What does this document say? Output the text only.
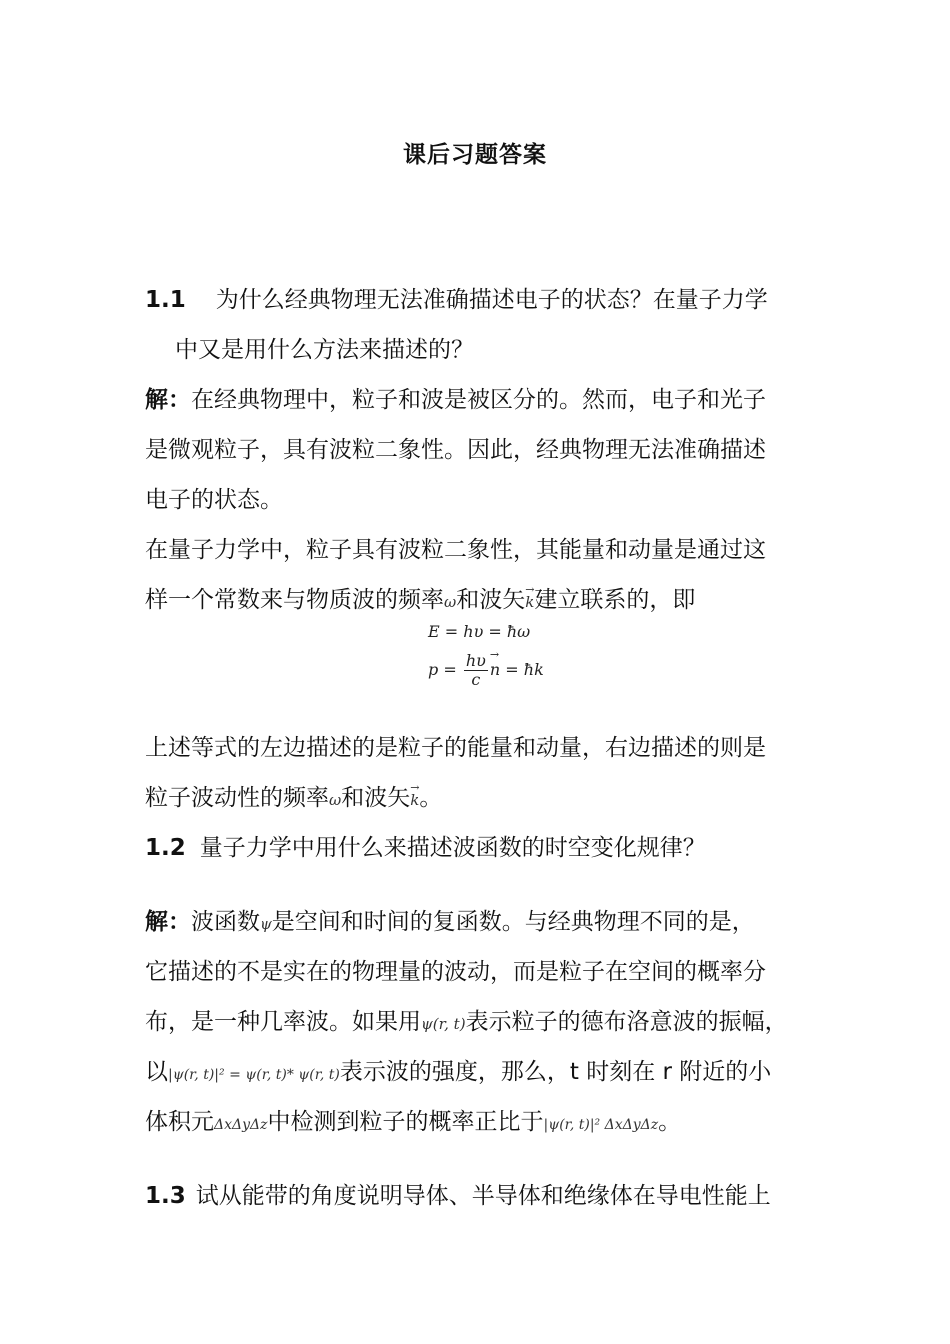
课后习题答案
1.1 为什么经典物理无法准确描述电子的状态？在量子力学
中又是用什么方法来描述的？
解：在经典物理中，粒子和波是被区分的。然而，电子和光子
是微观粒子，具有波粒二象性。因此，经典物理无法准确描述
电子的状态。
在量子力学中，粒子具有波粒二象性，其能量和动量是通过这
样一个常数来与物质波的频率ω和波矢→ k建立联系的，即
E = hυ = ħω
$p = \frac{h\upsilon}{c}$
→ n = ħk
上述等式的左边描述的是粒子的能量和动量，右边描述的则是
粒子波动性的频率ω和波矢→ k。
1.2 量子力学中用什么来描述波函数的时空变化规律？
解：波函数ψ是空间和时间的复函数。与经典物理不同的是，
它描述的不是实在的物理量的波动，而是粒子在空间的概率分
布，是一种几率波。如果用ψ(r, t)表示粒子的德布洛意波的振幅，
以|ψ(r, t)|² = ψ(r, t)* ψ(r, t)表示波的强度，那么，t 时刻在 r 附近的小
体积元ΔxΔyΔz中检测到粒子的概率正比于|ψ(r, t)|² ΔxΔyΔz。
1.3 试从能带的角度说明导体、半导体和绝缘体在导电性能上
